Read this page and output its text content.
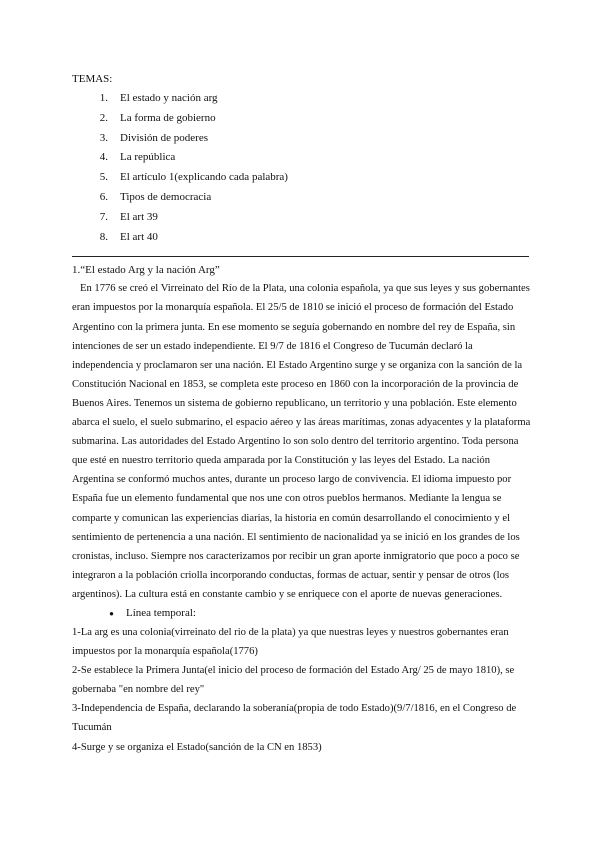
TEMAS:

1.	El estado y nación arg
2.	La forma de gobierno
3.	División de poderes
4.	La república
5.	El artículo 1(explicando cada palabra)
6.	Tipos de democracia
7.	El art 39
8.	El art 40

1.“El estado Arg y la nación Arg”

En 1776 se creó el Virreinato del Río de la Plata, una colonia española, ya que sus leyes y sus gobernantes eran impuestos por la monarquía española. El 25/5 de 1810 se inició el proceso de formación del Estado Argentino con la primera junta. En ese momento se seguía gobernando en nombre del rey de España, sin intenciones de ser un estado independiente. El 9/7 de 1816 el Congreso de Tucumán declaró la independencia y proclamaron ser una nación. El Estado Argentino surge y se organiza con la sanción de la Constitución Nacional en 1853, se completa este proceso en 1860 con la incorporación de la provincia de Buenos Aires. Tenemos un sistema de gobierno republicano, un territorio y una población. Este elemento abarca el suelo, el suelo submarino, el espacio aéreo y las áreas marítimas, zonas adyacentes y la plataforma submarina. Las autoridades del Estado Argentino lo son solo dentro del territorio argentino. Toda persona que esté en nuestro territorio queda amparada por la Constitución y las leyes del Estado. La nación Argentina se conformó muchos antes, durante un proceso largo de convivencia. El idioma impuesto por España fue un elemento fundamental que nos une con otros pueblos hermanos. Mediante la lengua se comparte y comunican las experiencias diarias, la historia en común desarrollando el conocimiento y el sentimiento de pertenencia a una nación. El sentimiento de nacionalidad ya se inició en los grandes de los cronistas, incluso. Siempre nos caracterizamos por recibir un gran aporte inmigratorio que poco a poco se integraron a la población criolla incorporando conductas, formas de actuar, sentir y pensar de otros (los argentinos). La cultura está en constante cambio y se enriquece con el aporte de nuevas generaciones.

●	Línea temporal:

1-La arg es una colonia(virreinato del rio de la plata) ya que nuestras leyes y nuestros gobernantes eran impuestos por la monarquía española(1776)

2-Se establece la Primera Junta(el inicio del proceso de formación del Estado Arg/ 25 de mayo 1810), se gobernaba "en nombre del rey"

3-Independencia de España, declarando la soberanía(propia de todo Estado)(9/7/1816, en el Congreso de Tucumán

4-Surge y se organiza el Estado(sanción de la CN en 1853)
